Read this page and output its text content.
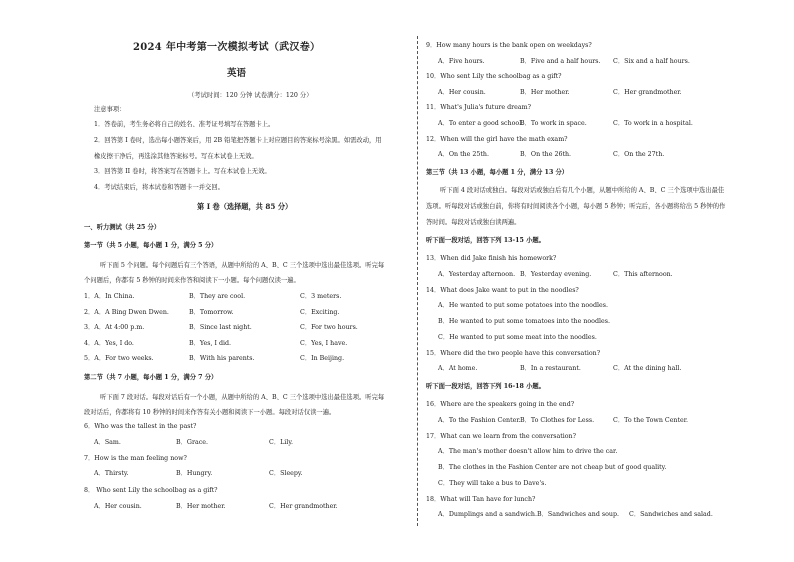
2024 年中考第一次模拟考试（武汉卷）
英语
（考试时间：120 分钟 试卷满分：120 分）
注意事项：
1．答卷前，考生务必将自己的姓名、准考证号填写在答题卡上。
2．回答第 I 卷时，选出每小题答案后，用 2B 铅笔把答题卡上对应题目的答案标号涂黑。如需改动，用
橡皮擦干净后，再选涂其他答案标号。写在本试卷上无效。
3．回答第 II 卷时，将答案写在答题卡上。写在本试卷上无效。
4．考试结束后，将本试卷和答题卡一并交回。
第 I 卷（选择题，共 85 分）
一、听力测试（共 25 分）
第一节（共 5 小题，每小题 1 分，满分 5 分）
听下面 5 个问题。每个问题后有三个答语，从题中所给的 A、B、C 三个选项中选出最佳选项。听完每
个问题后，你都有 5 秒钟的时间来作答和阅读下一小题。每个问题仅读一遍。
1．A．In China.	B．They are cool.	C．3 meters.
2．A．A Bing Dwen Dwen.	B．Tomorrow.	C．Exciting.
3．A．At 4:00 p.m.	B．Since last night.	C．For two hours.
4．A．Yes, I do.	B．Yes, I did.	C．Yes, I have.
5．A．For two weeks.	B．With his parents.	C．In Beijing.
第二节（共 7 小题，每小题 1 分，满分 7 分）
听下面 7 段对话。每段对话后有一个小题，从题中所给的 A、B、C 三个选项中选出最佳选项。听完每
段对话后，你都将有 10 秒钟的时间来作答有关小题和阅读下一小题。每段对话仅读一遍。
6．Who was the tallest in the past?
A．Sam.	B．Grace.	C．Lily.
7．How is the man feeling now?
A．Thirsty.	B．Hungry.	C．Sleepy.
8． Who sent Lily the schoolbag as a gift?
A．Her cousin.	B．Her mother.	C．Her grandmother.
9．How many hours is the bank open on weekdays?
A．Five hours.	B．Five and a half hours. C．Six and a half hours.
10．Who sent Lily the schoolbag as a gift?
A．Her cousin.	B．Her mother.	C．Her grandmother.
11．What's Julia's future dream?
A．To enter a good school.
B．To work in space.	C．To work in a hospital.
12．When will the girl have the math exam?
A．On the 25th.	B．On the 26th.	C．On the 27th.
第三节（共 13 小题，每小题 1 分，满分 13 分）
听下面 4 段对话或独白。每段对话或独白后有几个小题，从题中所给的 A、B、C 三个选项中选出最佳
选项。听每段对话或独白前，你将有时间阅读各个小题，每小题 5 秒钟；听完后，各小题将给出 5 秒钟的作
答时间。每段对话或独白读两遍。
听下面一段对话，回答下列 13-15 小题。
13．When did Jake finish his homework?
A．Yesterday afternoon. B．Yesterday evening.	C．This afternoon.
14．What does Jake want to put in the noodles?
A．He wanted to put some potatoes into the noodles.
B．He wanted to put some tomatoes into the noodles.
C．He wanted to put some meat into the noodles.
15．Where did the two people have this conversation?
A．At home.	B．In a restaurant.	C．At the dining hall.
听下面一段对话，回答下列 16-18 小题。
16．Where are the speakers going in the end?
A．To the Fashion Center. B．To Clothes for Less.	C．To the Town Center.
17．What can we learn from the conversation?
A．The man's mother doesn't allow him to drive the car.
B．The clothes in the Fashion Center are not cheap but of good quality.
C．They will take a bus to Dave's.
18．What will Tan have for lunch?
A．Dumplings and a sandwich. B．Sandwiches and soup. C．Sandwiches and salad.
